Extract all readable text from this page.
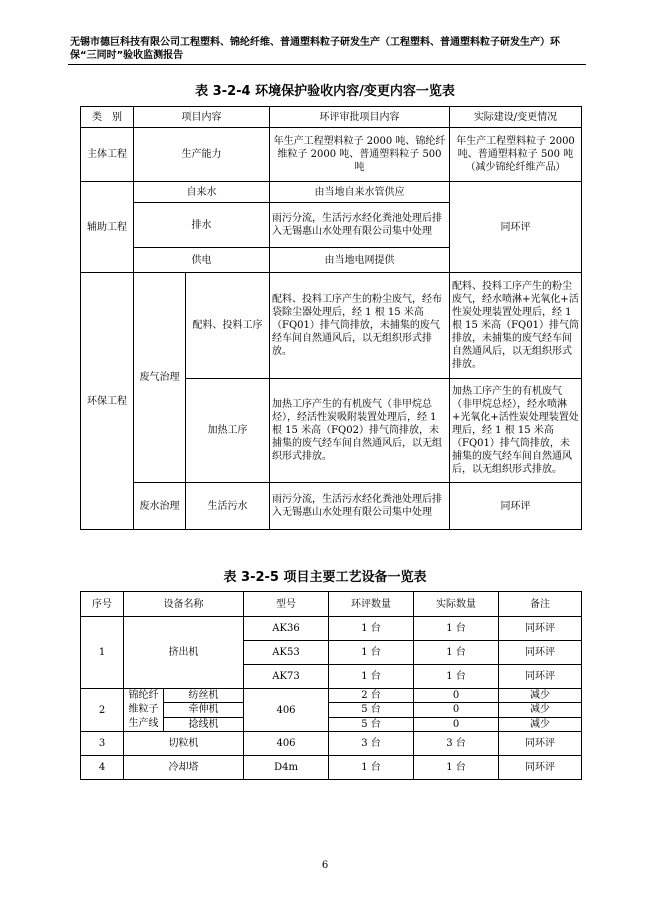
无锡市德巨科技有限公司工程塑料、锦纶纤维、普通塑料粒子研发生产（工程塑料、普通塑料粒子研发生产）环
保“三同时”验收监测报告
表 3-2-4 环境保护验收内容/变更内容一览表
类　别	项目内容		环评审批项目内容	实际建设/变更情况
主体工程	生产能力		年生产工程塑料粒子 2000 吨、锦纶纤维粒子 2000 吨、普通塑料粒子 500 吨	年生产工程塑料粒子 2000 吨、普通塑料粒子 500 吨（减少锦纶纤维产品）
辅助工程	自来水		由当地自来水管供应	同环评
	排水		雨污分流，生活污水经化粪池处理后排入无锡惠山水处理有限公司集中处理	
	供电		由当地电网提供	
环保工程	废气治理	配料、投料工序	配料、投料工序产生的粉尘废气，经布袋除尘器处理后，经 1 根 15 米高（FQ01）排气筒排放，未捕集的废气经车间自然通风后，以无组织形式排放。	配料、投料工序产生的粉尘废气，经水喷淋+光氧化+活性炭处理装置处理后，经 1 根 15 米高（FQ01）排气筒排放，未捕集的废气经车间自然通风后，以无组织形式排放。
		加热工序	加热工序产生的有机废气（非甲烷总烃），经活性炭吸附装置处理后，经 1 根 15 米高（FQ02）排气筒排放，未捕集的废气经车间自然通风后，以无组织形式排放。	加热工序产生的有机废气（非甲烷总烃），经水喷淋+光氧化+活性炭处理装置处理后，经 1 根 15 米高（FQ01）排气筒排放，未捕集的废气经车间自然通风后，以无组织形式排放。
	废水治理	生活污水	雨污分流，生活污水经化粪池处理后排入无锡惠山水处理有限公司集中处理	同环评
表 3-2-5 项目主要工艺设备一览表
序号	设备名称		型号	环评数量	实际数量	备注
1	挤出机		AK36	1 台	1 台	同环评
			AK53	1 台	1 台	同环评
			AK73	1 台	1 台	同环评
2	锦纶纤维粒子生产线	纺丝机	406	2 台	0	减少
		牵伸机		5 台	0	减少
		捻线机		5 台	0	减少
3	切粒机		406	3 台	3 台	同环评
4	冷却塔		D4m	1 台	1 台	同环评
6
